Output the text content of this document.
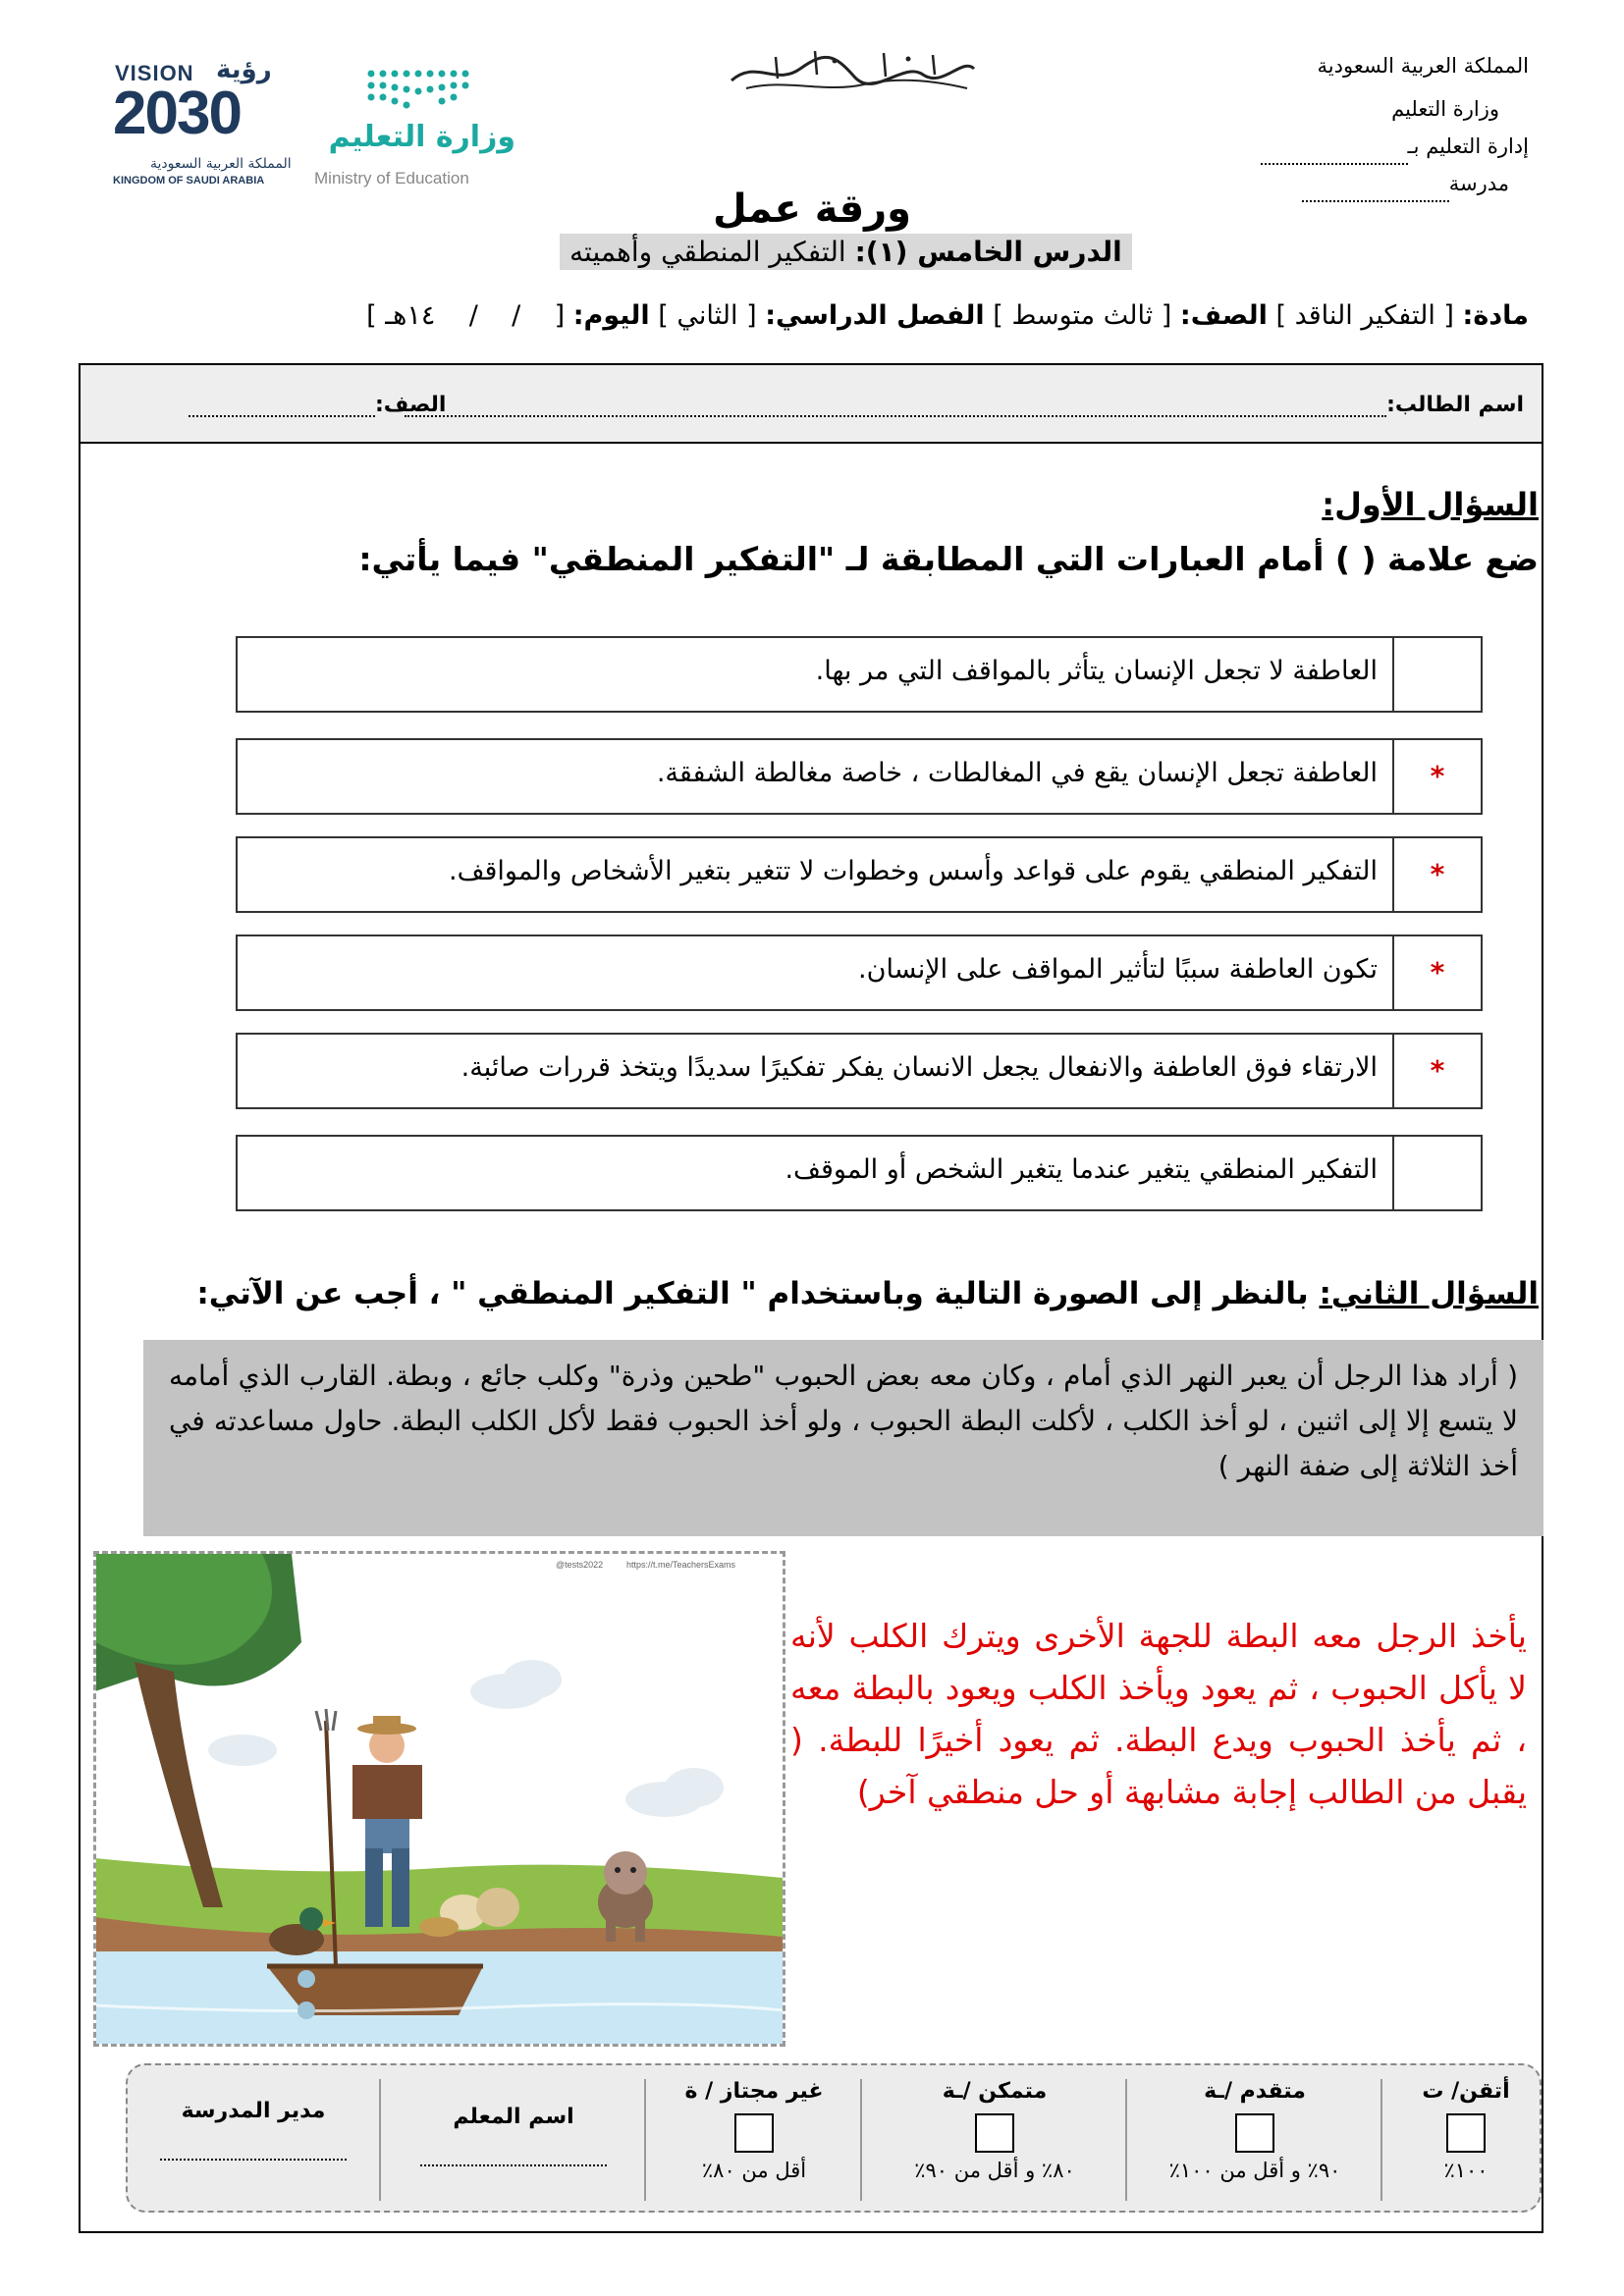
المملكة العربية السعودية
وزارة التعليم
إدارة التعليم بـ
مدرسة
VISION رؤية
2030
المملكة العربية السعودية
KINGDOM OF SAUDI ARABIA
وزارة التعليم
Ministry of Education
ورقة عمل
الدرس الخامس (١): التفكير المنطقي وأهميته
مادة: [ التفكير الناقد ] الصف: [ ثالث متوسط ] الفصل الدراسي: [ الثاني ] اليوم: [    /    /    ١٤هـ ]
اسم الطالب:
الصف:
السؤال الأول:
ضع علامة ( ) أمام العبارات التي المطابقة لـ "التفكير المنطقي" فيما يأتي:
العاطفة لا تجعل الإنسان يتأثر بالمواقف التي مر بها.
*
العاطفة تجعل الإنسان يقع في المغالطات ، خاصة مغالطة الشفقة.
*
التفكير المنطقي يقوم على قواعد وأسس وخطوات لا تتغير بتغير الأشخاص والمواقف.
*
تكون العاطفة سببًا لتأثير المواقف على الإنسان.
*
الارتقاء فوق العاطفة والانفعال يجعل الانسان يفكر تفكيرًا سديدًا ويتخذ قررات صائبة.
التفكير المنطقي يتغير عندما يتغير الشخص أو الموقف.
السؤال الثاني: بالنظر إلى الصورة التالية وباستخدام " التفكير المنطقي " ، أجب عن الآتي:
( أراد هذا الرجل أن يعبر النهر الذي أمام ، وكان معه بعض الحبوب "طحين وذرة" وكلب جائع ، وبطة. القارب الذي أمامه لا يتسع إلا إلى اثنين ، لو أخذ الكلب ، لأكلت البطة الحبوب ، ولو أخذ الحبوب فقط لأكل الكلب البطة. حاول مساعدته في أخذ الثلاثة إلى ضفة النهر )
https://t.me/TeachersExams
@tests2022
يأخذ الرجل معه البطة للجهة الأخرى ويترك الكلب لأنه لا يأكل الحبوب ، ثم يعود ويأخذ الكلب ويعود بالبطة معه ، ثم يأخذ الحبوب ويدع البطة. ثم يعود أخيرًا للبطة. ( يقبل من الطالب إجابة مشابهة أو حل منطقي آخر)
أتقن/ ت
١٠٠٪
متقدم /ـة
٩٠٪ و أقل من ١٠٠٪
متمكن /ـة
٨٠٪ و أقل من ٩٠٪
غير مجتاز / ة
أقل من ٨٠٪
اسم المعلم
مدير المدرسة
